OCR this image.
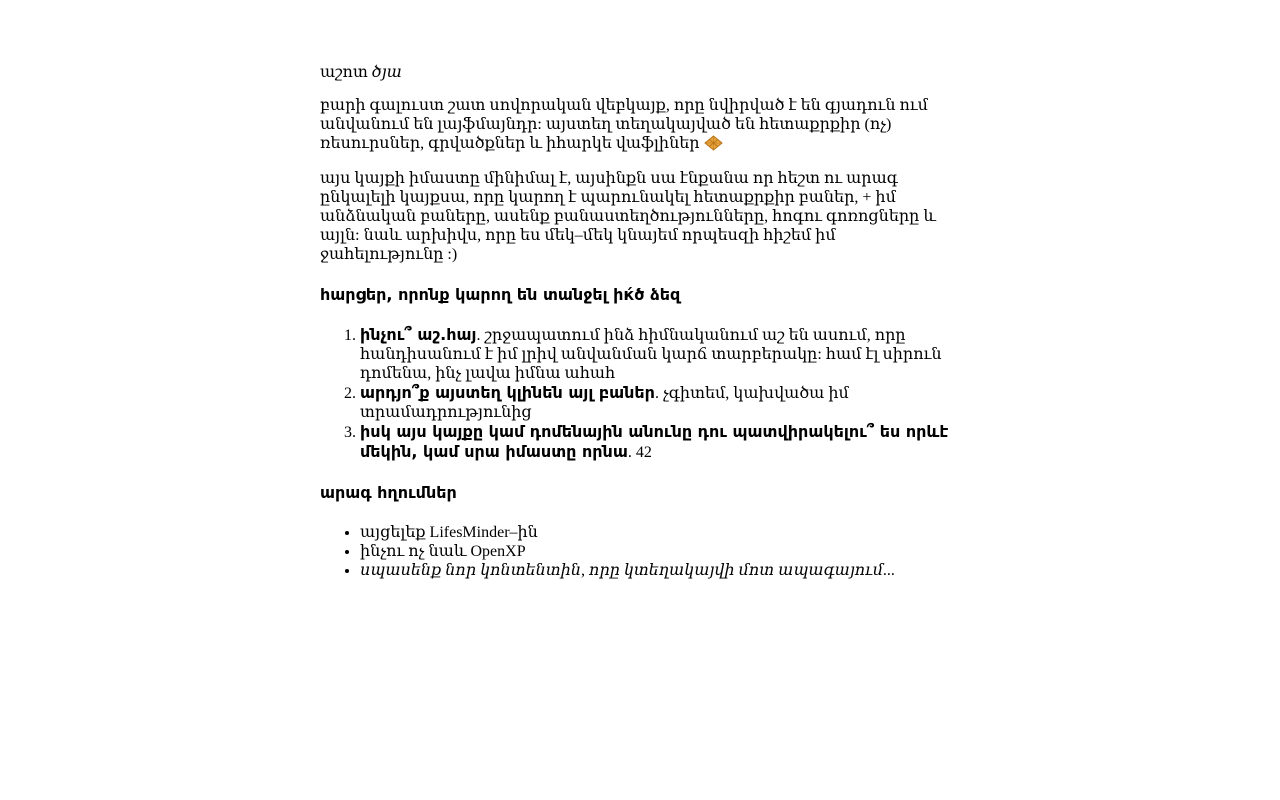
աշոտ ծյա

բարի գալուստ շատ սովորական վեբկայք, որը նվիրված է են գյադուն ում անվանում են լայֆմայնդր: այստեղ տեղակայված են հետաքրքիր (ոչ) ռեսուրսներ, գրվածքներ և իհարկե վաֆլիներ

այս կայքի իմաստը մինիմալ է, այսինքն սա էնքանա որ հեշտ ու արագ ընկալելի կայքսա, որը կարող է պարունակել հետաքրքիր բաներ, + իմ անձնական բաները, ասենք բանաստեղծությունները, հոգու գոռոցները և այլն: նաև արխիվս, որը ես մեկ–մեկ կնայեմ որպեսզի հիշեմ իմ ջահելությունը :)

հարցեր, որոնք կարող են տանջել իќծ ձեզ
1. ինչու՞ աշ.հայ. շրջապատում ինձ հիմնականում աշ են ասում, որը հանդիսանում է իմ լրիվ անվանման կարճ տարբերակը: համ էլ սիրուն դոմենա, ինչ լավա իմնա ահահ
2. արդյո՞ք այստեղ կլինեն այլ բաներ. չգիտեմ, կախվածա իմ տրամադրությունից
3. իսկ այս կայքը կամ դոմենային անունը դու պատվիրակելու՞ ես որևէ մեկին, կամ սրա իմաստը որնա. 42
արագ հղումներ
• այցելեք LifesMinder–ին
• ինչու ոչ նաև OpenXP
• սպասենք նոր կոնտենտին, որը կտեղակայվի մոտ ապագայում...
